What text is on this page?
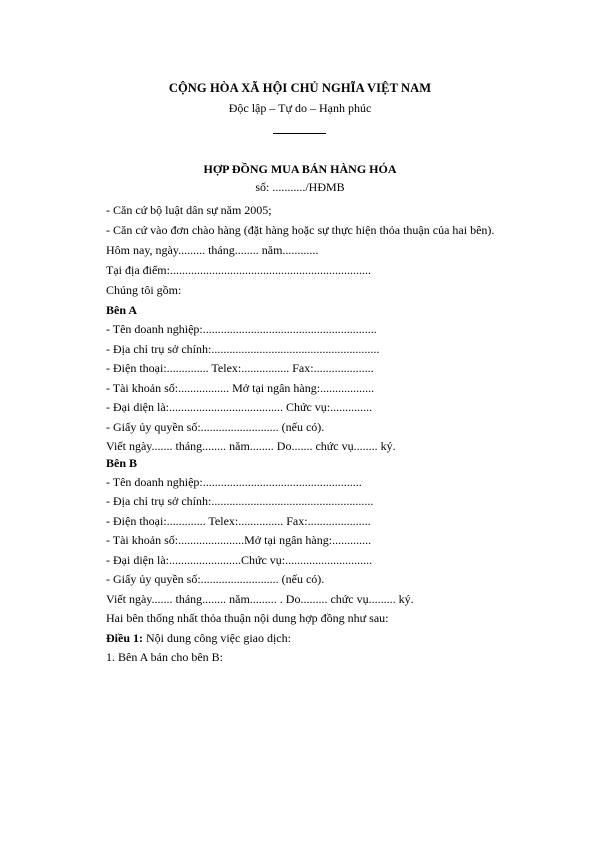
CỘNG HÒA XÃ HỘI CHỦ NGHĨA VIỆT NAM
Độc lập – Tự do – Hạnh phúc
HỢP ĐỒNG MUA BÁN HÀNG HÓA
số: .........../HĐMB
- Căn cứ bộ luật dân sự năm 2005;
- Căn cứ vào đơn chào hàng (đặt hàng hoặc sự thực hiện thỏa thuận của hai bên).
Hôm nay, ngày......... tháng........ năm............
Tại địa điểm:...................................................................
Chúng tôi gồm:
Bên A
- Tên doanh nghiệp:..........................................................
- Địa chỉ trụ sở chính:........................................................
- Điện thoại:.............. Telex:................ Fax:....................
- Tài khoản số:................. Mở tại ngân hàng:..................
- Đại diện là:...................................... Chức vụ:..............
- Giấy ủy quyền số:.......................... (nếu có).
Viết ngày....... tháng........ năm........ Do....... chức vụ........ ký.
Bên B
- Tên doanh nghiệp:.....................................................
- Địa chỉ trụ sở chính:......................................................
- Điện thoại:............. Telex:............... Fax:.....................
- Tài khoản số:......................Mở tại ngân hàng:.............
- Đại diện là:........................Chức vụ:.............................
- Giấy ủy quyền số:.......................... (nếu có).
Viết ngày....... tháng........ năm......... . Do......... chức vụ......... ký.
Hai bên thống nhất thỏa thuận nội dung hợp đồng như sau:
Điều 1: Nội dung công việc giao dịch:
1. Bên A bán cho bên B:
